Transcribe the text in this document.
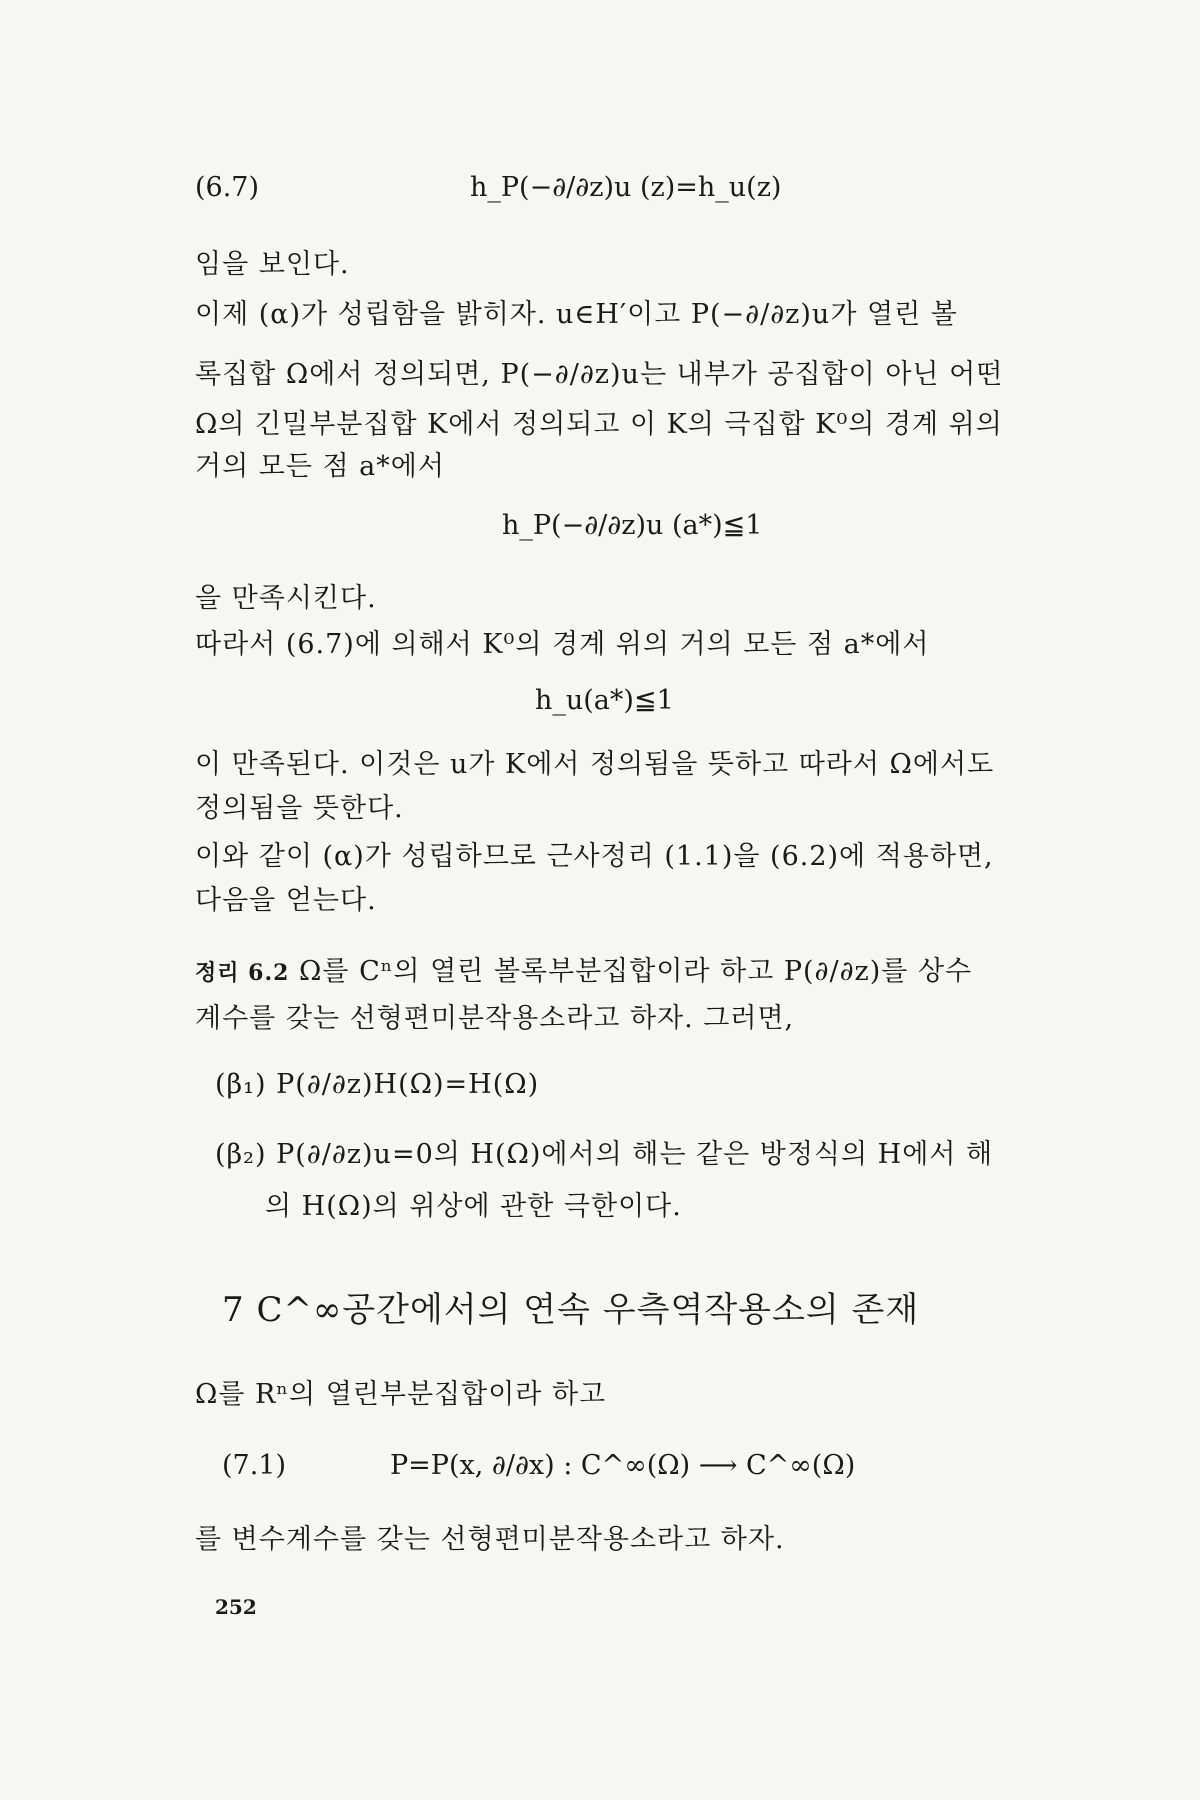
(6.7)	h_P(−∂/∂z)u (z)=h_u(z)
임을 보인다.
이제 (α)가 성립함을 밝히자. u∈H′이고 P(−∂/∂z)u가 열린 볼
록집합 Ω에서 정의되면, P(−∂/∂z)u는 내부가 공집합이 아닌 어떤
Ω의 긴밀부분집합 K에서 정의되고 이 K의 극집합 K⁰의 경계 위의
거의 모든 점 a*에서
h_P(−∂/∂z)u (a*)≦1
을 만족시킨다.
따라서 (6.7)에 의해서 K⁰의 경계 위의 거의 모든 점 a*에서
h_u(a*)≦1
이 만족된다. 이것은 u가 K에서 정의됨을 뜻하고 따라서 Ω에서도
정의됨을 뜻한다.
이와 같이 (α)가 성립하므로 근사정리 (1.1)을 (6.2)에 적용하면,
다음을 얻는다.
정리 6.2 Ω를 Cⁿ의 열린 볼록부분집합이라 하고 P(∂/∂z)를 상수
계수를 갖는 선형편미분작용소라고 하자. 그러면,
(β₁) P(∂/∂z)H(Ω)=H(Ω)
(β₂) P(∂/∂z)u=0의 H(Ω)에서의 해는 같은 방정식의 H에서 해
의 H(Ω)의 위상에 관한 극한이다.
7 C^∞공간에서의 연속 우측역작용소의 존재
Ω를 Rⁿ의 열린부분집합이라 하고
(7.1)	P=P(x, ∂/∂x) : C^∞(Ω) ⟶ C^∞(Ω)
를 변수계수를 갖는 선형편미분작용소라고 하자.
252
